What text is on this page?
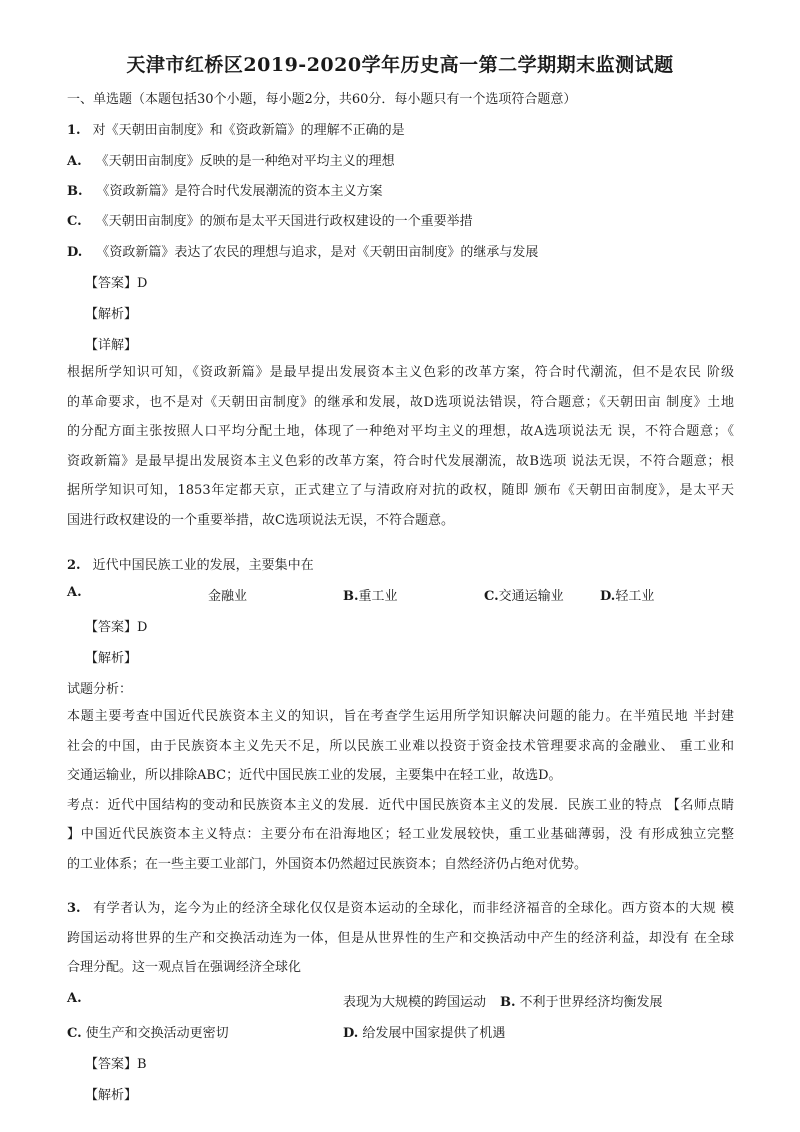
天津市红桥区2019-2020学年历史高一第二学期期末监测试题
一、单选题（本题包括30个小题，每小题2分，共60分．每小题只有一个选项符合题意）
1. 对《天朝田亩制度》和《资政新篇》的理解不正确的是
A. 《天朝田亩制度》反映的是一种绝对平均主义的理想
B. 《资政新篇》是符合时代发展潮流的资本主义方案
C. 《天朝田亩制度》的颁布是太平天国进行政权建设的一个重要举措
D. 《资政新篇》表达了农民的理想与追求，是对《天朝田亩制度》的继承与发展
【答案】D
【解析】
【详解】
根据所学知识可知，《资政新篇》是最早提出发展资本主义色彩的改革方案，符合时代潮流，但不是农民 阶级
的革命要求，也不是对《天朝田亩制度》的继承和发展，故D选项说法错误，符合题意；《天朝田亩 制度》土地
的分配方面主张按照人口平均分配土地，体现了一种绝对平均主义的理想，故A选项说法无 误，不符合题意；《
资政新篇》是最早提出发展资本主义色彩的改革方案，符合时代发展潮流，故B选项 说法无误，不符合题意；根
据所学知识可知，1853年定都天京，正式建立了与清政府对抗的政权，随即 颁布《天朝田亩制度》，是太平天
国进行政权建设的一个重要举措，故C选项说法无误，不符合题意。
2. 近代中国民族工业的发展，主要集中在
A.	金融业	B.重工业	C.交通运输业	D.轻工业
【答案】D
【解析】
试题分析：
本题主要考查中国近代民族资本主义的知识，旨在考查学生运用所学知识解决问题的能力。在半殖民地 半封建
社会的中国，由于民族资本主义先天不足，所以民族工业难以投资于资金技术管理要求高的金融业、 重工业和
交通运输业，所以排除ABC；近代中国民族工业的发展，主要集中在轻工业，故选D。
考点：近代中国结构的变动和民族资本主义的发展．近代中国民族资本主义的发展．民族工业的特点 【名师点睛
】中国近代民族资本主义特点：主要分布在沿海地区；轻工业发展较快，重工业基础薄弱，没 有形成独立完整
的工业体系；在一些主要工业部门，外国资本仍然超过民族资本；自然经济仍占绝对优势。
3. 有学者认为，迄今为止的经济全球化仅仅是资本运动的全球化，而非经济福音的全球化。西方资本的大规 模
跨国运动将世界的生产和交换活动连为一体，但是从世界性的生产和交换活动中产生的经济利益，却没有 在全球
合理分配。这一观点旨在强调经济全球化
A.	表现为大规模的跨国运动 B. 不利于世界经济均衡发展
C. 使生产和交换活动更密切	D. 给发展中国家提供了机遇
【答案】B
【解析】
